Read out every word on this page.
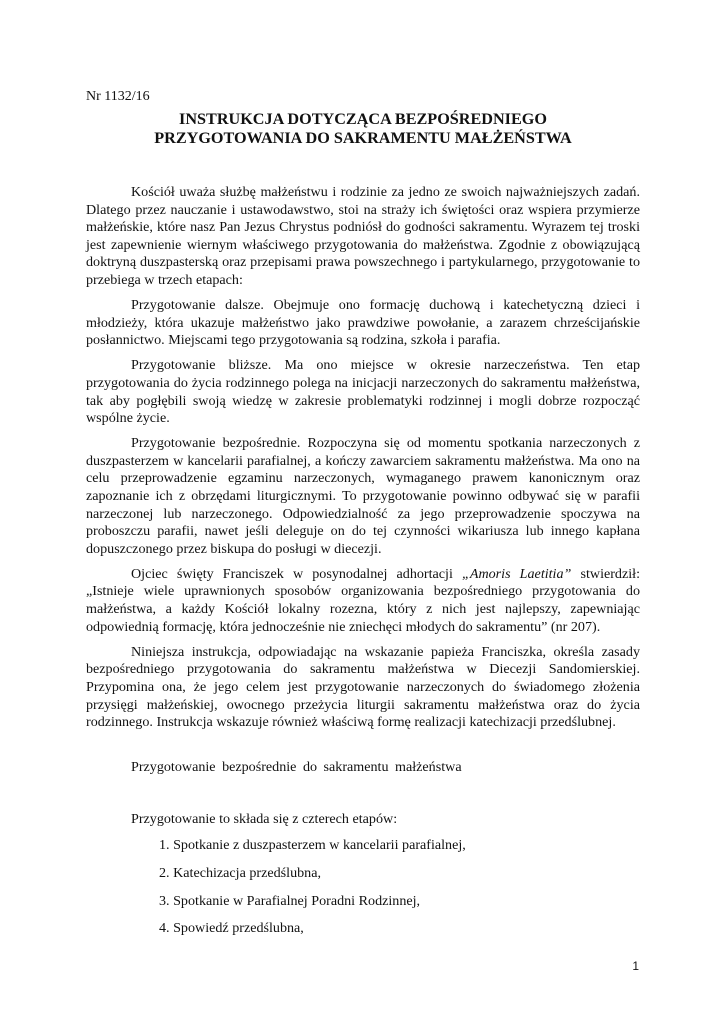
Nr 1132/16
INSTRUKCJA DOTYCZĄCA BEZPOŚREDNIEGO
PRZYGOTOWANIA DO SAKRAMENTU MAŁŻEŃSTWA

Kościół uważa służbę małżeństwu i rodzinie za jedno ze swoich najważniejszych zadań. Dlatego przez nauczanie i ustawodawstwo, stoi na straży ich świętości oraz wspiera przymierze małżeńskie, które nasz Pan Jezus Chrystus podniósł do godności sakramentu. Wyrazem tej troski jest zapewnienie wiernym właściwego przygotowania do małżeństwa. Zgodnie z obowiązującą doktryną duszpasterską oraz przepisami prawa powszechnego i partykularnego, przygotowanie to przebiega w trzech etapach:

Przygotowanie dalsze. Obejmuje ono formację duchową i katechetyczną dzieci i młodzieży, która ukazuje małżeństwo jako prawdziwe powołanie, a zarazem chrześcijańskie posłannictwo. Miejscami tego przygotowania są rodzina, szkoła i parafia.

Przygotowanie bliższe. Ma ono miejsce w okresie narzeczeństwa. Ten etap przygotowania do życia rodzinnego polega na inicjacji narzeczonych do sakramentu małżeństwa, tak aby pogłębili swoją wiedzę w zakresie problematyki rodzinnej i mogli dobrze rozpocząć wspólne życie.

Przygotowanie bezpośrednie. Rozpoczyna się od momentu spotkania narzeczonych z duszpasterzem w kancelarii parafialnej, a kończy zawarciem sakramentu małżeństwa. Ma ono na celu przeprowadzenie egzaminu narzeczonych, wymaganego prawem kanonicznym oraz zapoznanie ich z obrzędami liturgicznymi. To przygotowanie powinno odbywać się w parafii narzeczonej lub narzeczonego. Odpowiedzialność za jego przeprowadzenie spoczywa na proboszczu parafii, nawet jeśli deleguje on do tej czynności wikariusza lub innego kapłana dopuszczonego przez biskupa do posługi w diecezji.

Ojciec święty Franciszek w posynodalnej adhortacji „Amoris Laetitia” stwierdził: „Istnieje wiele uprawnionych sposobów organizowania bezpośredniego przygotowania do małżeństwa, a każdy Kościół lokalny rozezna, który z nich jest najlepszy, zapewniając odpowiednią formację, która jednocześnie nie zniechęci młodych do sakramentu” (nr 207).

Niniejsza instrukcja, odpowiadając na wskazanie papieża Franciszka, określa zasady bezpośredniego przygotowania do sakramentu małżeństwa w Diecezji Sandomierskiej. Przypomina ona, że jego celem jest przygotowanie narzeczonych do świadomego złożenia przysięgi małżeńskiej, owocnego przeżycia liturgii sakramentu małżeństwa oraz do życia rodzinnego. Instrukcja wskazuje również właściwą formę realizacji katechizacji przedślubnej.

Przygotowanie bezpośrednie do sakramentu małżeństwa
Przygotowanie to składa się z czterech etapów:
1. Spotkanie z duszpasterzem w kancelarii parafialnej,
2. Katechizacja przedślubna,
3. Spotkanie w Parafialnej Poradni Rodzinnej,
4. Spowiedź przedślubna,
1
